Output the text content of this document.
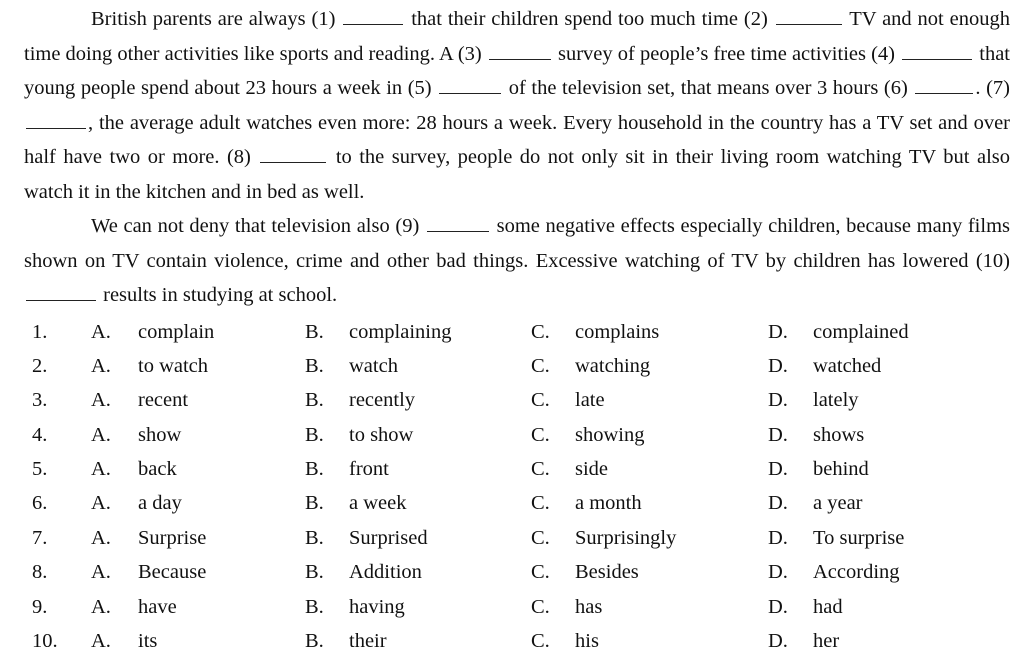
British parents are always (1)	that their children spend too much time (2)	TV and not enough time doing other activities like sports and reading. A (3)	survey of people’s free time activities (4)	that young people spend about 23 hours a week in (5)	of the television set, that means over 3 hours (6)	. (7) , the average adult watches even more: 28 hours a week. Every household in the country has a TV set and over half have two or more. (8)	to the survey, people do not only sit in their living room watching TV but also watch it in the kitchen and in bed as well.

We can not deny that television also (9)	some negative effects especially children, because many films shown on TV contain violence, crime and other bad things. Excessive watching of TV by children has lowered (10)  results in studying at school.

1. A. complain	B. complaining	C. complains	D. complained
2. A. to watch	B. watch	C. watching	D. watched
3. A. recent	B. recently	C. late	D. lately
4. A. show	B. to show	C. showing	D. shows
5. A. back	B. front	C. side	D. behind
6. A. a day	B. a week	C. a month	D. a year
7. A. Surprise	B. Surprised	C. Surprisingly	D. To surprise
8. A. Because	B. Addition	C. Besides	D. According
9. A. have	B. having	C. has	D. had
10. A. its	B. their	C. his	D. her
